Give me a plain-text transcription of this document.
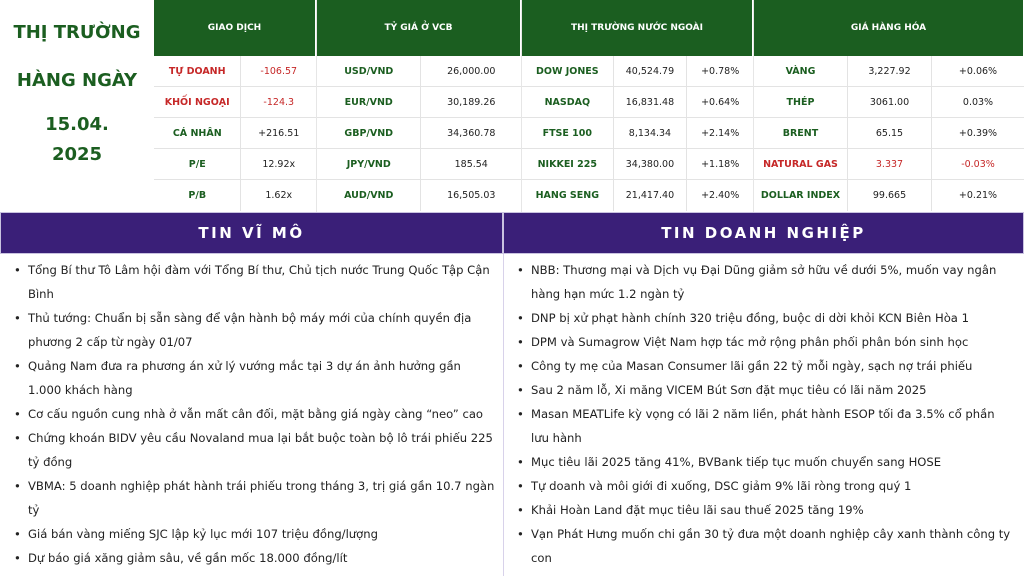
THỊ TRƯỜNG
HÀNG NGÀY
15.04.
2025
GIAO DỊCH
TỰ DOANH	-106.57
KHỐI NGOẠI	-124.3
CÁ NHÂN	+216.51
P/E	12.92x
P/B	1.62x
TỶ GIÁ Ở VCB
USD/VND	26,000.00
EUR/VND	30,189.26
GBP/VND	34,360.78
JPY/VND	185.54
AUD/VND	16,505.03
THỊ TRƯỜNG NƯỚC NGOÀI
DOW JONES	40,524.79	+0.78%
NASDAQ	16,831.48	+0.64%
FTSE 100	8,134.34	+2.14%
NIKKEI 225	34,380.00	+1.18%
HANG SENG	21,417.40	+2.40%
GIÁ HÀNG HÓA
VÀNG	3,227.92	+0.06%
THÉP	3061.00	0.03%
BRENT	65.15	+0.39%
NATURAL GAS	3.337	-0.03%
DOLLAR INDEX	99.665	+0.21%
TIN VĨ MÔ	TIN DOANH NGHIỆP
• Tổng Bí thư Tô Lâm hội đàm với Tổng Bí thư, Chủ tịch nước Trung Quốc Tập Cận Bình
• Thủ tướng: Chuẩn bị sẵn sàng để vận hành bộ máy mới của chính quyền địa phương 2 cấp từ ngày 01/07
• Quảng Nam đưa ra phương án xử lý vướng mắc tại 3 dự án ảnh hưởng gần 1.000 khách hàng
• Cơ cấu nguồn cung nhà ở vẫn mất cân đối, mặt bằng giá ngày càng “neo” cao
• Chứng khoán BIDV yêu cầu Novaland mua lại bắt buộc toàn bộ lô trái phiếu 225 tỷ đồng
• VBMA: 5 doanh nghiệp phát hành trái phiếu trong tháng 3, trị giá gần 10.7 ngàn tỷ
• Giá bán vàng miếng SJC lập kỷ lục mới 107 triệu đồng/lượng
• Dự báo giá xăng giảm sâu, về gần mốc 18.000 đồng/lít
• NBB: Thương mại và Dịch vụ Đại Dũng giảm sở hữu về dưới 5%, muốn vay ngân hàng hạn mức 1.2 ngàn tỷ
• DNP bị xử phạt hành chính 320 triệu đồng, buộc di dời khỏi KCN Biên Hòa 1
• DPM và Sumagrow Việt Nam hợp tác mở rộng phân phối phân bón sinh học
• Công ty mẹ của Masan Consumer lãi gần 22 tỷ mỗi ngày, sạch nợ trái phiếu
• Sau 2 năm lỗ, Xi măng VICEM Bút Sơn đặt mục tiêu có lãi năm 2025
• Masan MEATLife kỳ vọng có lãi 2 năm liền, phát hành ESOP tối đa 3.5% cổ phần lưu hành
• Mục tiêu lãi 2025 tăng 41%, BVBank tiếp tục muốn chuyển sang HOSE
• Tự doanh và môi giới đi xuống, DSC giảm 9% lãi ròng trong quý 1
• Khải Hoàn Land đặt mục tiêu lãi sau thuế 2025 tăng 19%
• Vạn Phát Hưng muốn chi gần 30 tỷ đưa một doanh nghiệp cây xanh thành công ty con
